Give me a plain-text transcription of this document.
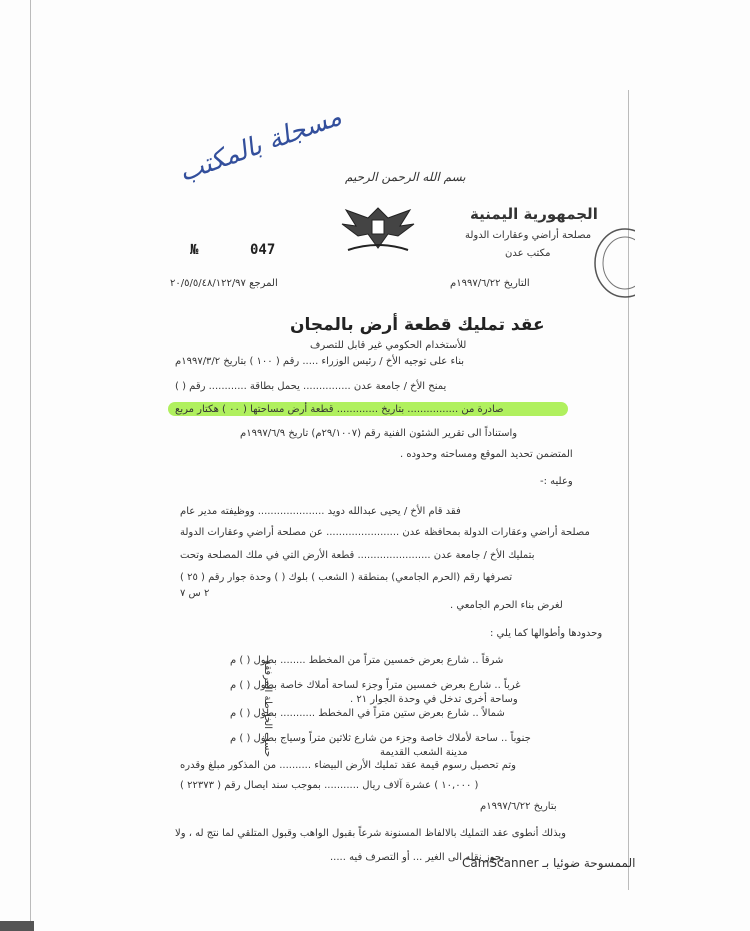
مسجلة بالمكتب بسم الله الرحمن الرحيم
الجمهورية اليمنية
مصلحة أراضي وعقارات الدولة
مكتب عدن
№	047
التاريخ ١٩٩٧/٦/٢٢م
المرجع ٢٠/٥/٥/٤٨/١٢٢/٩٧
عقد تمليك قطعة أرض بالمجان
للأستخدام الحكومي غير قابل للتصرف
بناء على توجيه الأخ / رئيس الوزراء ..... رقم ( ١٠٠ ) بتاريخ ١٩٩٧/٣/٢م
يمنح الأخ / جامعة عدن ............... يحمل بطاقة ............ رقم ( )
صادرة من ................ بتاريخ ............. قطعة أرض مساحتها ( ٠٠ ) هكتار مربع
واستناداً الى تقرير الشئون الفنية رقم (٢٩/١٠٠٧م) تاريخ ١٩٩٧/٦/٩م
المتضمن تحديد الموقع ومساحته وحدوده .
وعليه :-
فقد قام الأخ / يحيى عبدالله دويد ..................... ووظيفته مدير عام
مصلحة أراضي وعقارات الدولة بمحافظة عدن ....................... عن مصلحة أراضي وعقارات الدولة
بتمليك الأخ / جامعة عدن ....................... قطعة الأرض التي في ملك المصلحة وتحت
تصرفها رقم (الحرم الجامعي) بمنطقة ( الشعب ) بلوك ( ) وحدة جوار رقم ( ٢٥ )
٢ س ٧
لغرض بناء الحرم الجامعي .
وحدودها وأطوالها كما يلي :
شرقاً .. شارع بعرض خمسين متراً من المخطط ........ بطول ( ) م
غرباً .. شارع بعرض خمسين متراً وجزء لساحة أملاك خاصة بطول ( ) م
وساحة أخرى تدخل في وحدة الجوار ٢١ .
شمالاً .. شارع بعرض ستين متراً في المخطط ........... بطول ( ) م
جنوباً .. ساحة لأملاك خاصة وجزء من شارع ثلاثين متراً وسياج بطول ( ) م
مدينة الشعب القديمة
حسب الخارطة المرفقة
وتم تحصيل رسوم قيمة عقد تمليك الأرض البيضاء .......... من المذكور مبلغ وقدره
( ١٠,٠٠٠ ) عشرة آلاف ريال ........... بموجب سند ايصال رقم ( ٢٢٣٧٣ )
بتاريخ ١٩٩٧/٦/٢٢م
وبذلك أنطوى عقد التمليك بالالفاظ المسنونة شرعاً بقبول الواهب وقبول المتلقي لما نتج له ، ولا
يجوز نقله الى الغير ... أو التصرف فيه .....
CamScanner الممسوحة ضوئيا بـ
